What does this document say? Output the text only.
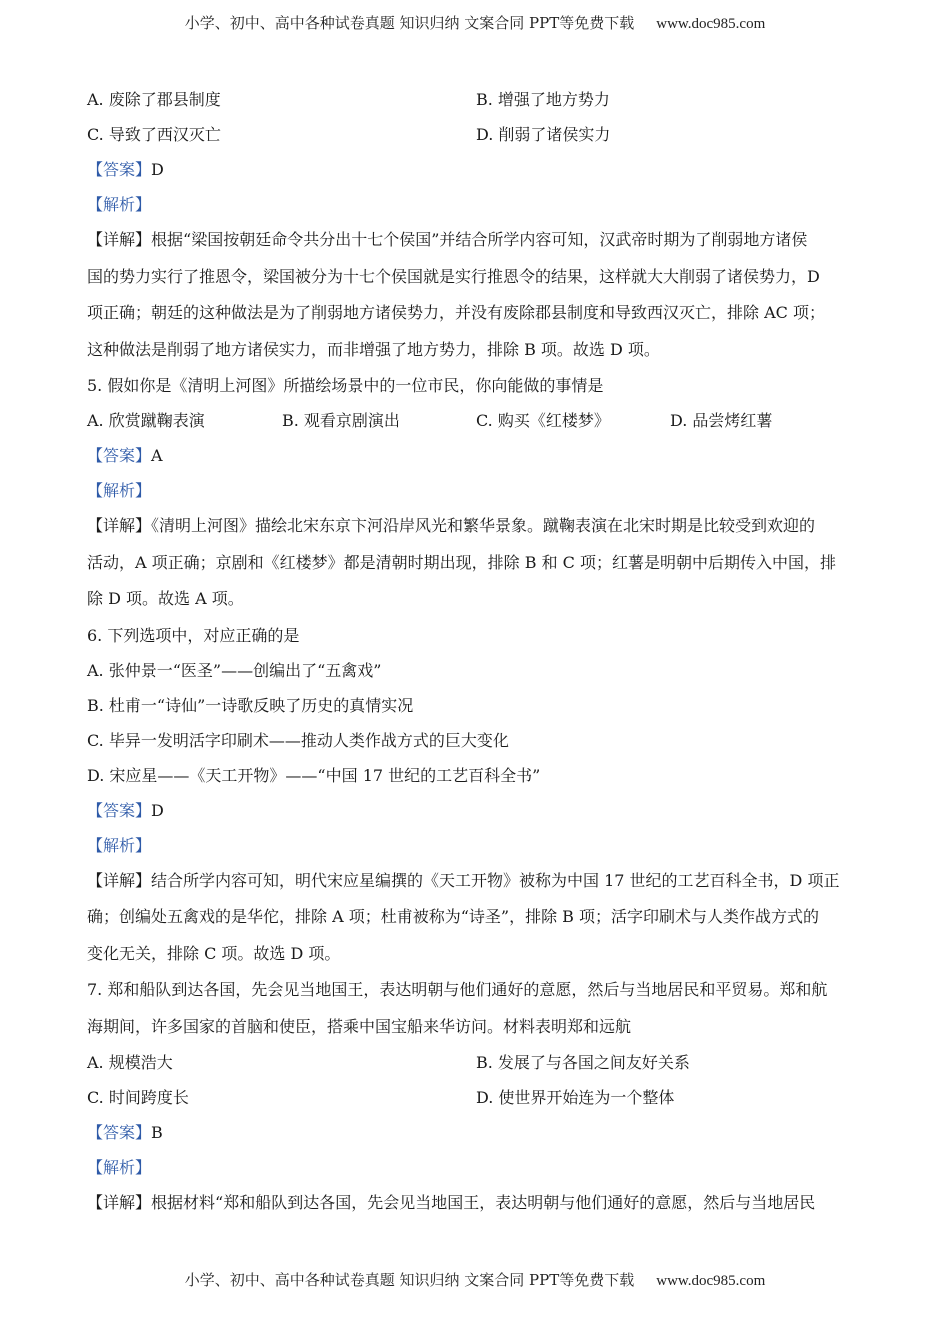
小学、初中、高中各种试卷真题 知识归纳 文案合同 PPT等免费下载 www.doc985.com
A. 废除了郡县制度	B. 增强了地方势力
C. 导致了西汉灭亡	D. 削弱了诸侯实力
【答案】D
【解析】
【详解】根据“梁国按朝廷命令共分出十七个侯国”并结合所学内容可知，汉武帝时期为了削弱地方诸侯
国的势力实行了推恩令，梁国被分为十七个侯国就是实行推恩令的结果，这样就大大削弱了诸侯势力，D
项正确；朝廷的这种做法是为了削弱地方诸侯势力，并没有废除郡县制度和导致西汉灭亡，排除 AC 项；
这种做法是削弱了地方诸侯实力，而非增强了地方势力，排除 B 项。故选 D 项。
5. 假如你是《清明上河图》所描绘场景中的一位市民，你向能做的事情是
A. 欣赏蹴鞠表演	B. 观看京剧演出	C. 购买《红楼梦》	D. 品尝烤红薯
【答案】A
【解析】
【详解】《清明上河图》描绘北宋东京卞河沿岸风光和繁华景象。蹴鞠表演在北宋时期是比较受到欢迎的
活动，A 项正确；京剧和《红楼梦》都是清朝时期出现，排除 B 和 C 项；红薯是明朝中后期传入中国，排
除 D 项。故选 A 项。
6. 下列选项中，对应正确的是
A. 张仲景一“医圣”——创编出了“五禽戏”
B. 杜甫一“诗仙”一诗歌反映了历史的真情实况
C. 毕异一发明活字印刷术——推动人类作战方式的巨大变化
D. 宋应星——《天工开物》——“中国 17 世纪的工艺百科全书”
【答案】D
【解析】
【详解】结合所学内容可知，明代宋应星编撰的《天工开物》被称为中国 17 世纪的工艺百科全书，D 项正
确；创编处五禽戏的是华佗，排除 A 项；杜甫被称为“诗圣”，排除 B 项；活字印刷术与人类作战方式的
变化无关，排除 C 项。故选 D 项。
7. 郑和船队到达各国，先会见当地国王，表达明朝与他们通好的意愿，然后与当地居民和平贸易。郑和航
海期间，许多国家的首脑和使臣，搭乘中国宝船来华访问。材料表明郑和远航
A. 规模浩大	B. 发展了与各国之间友好关系
C. 时间跨度长	D. 使世界开始连为一个整体
【答案】B
【解析】
【详解】根据材料“郑和船队到达各国，先会见当地国王，表达明朝与他们通好的意愿，然后与当地居民
小学、初中、高中各种试卷真题 知识归纳 文案合同 PPT等免费下载 www.doc985.com
